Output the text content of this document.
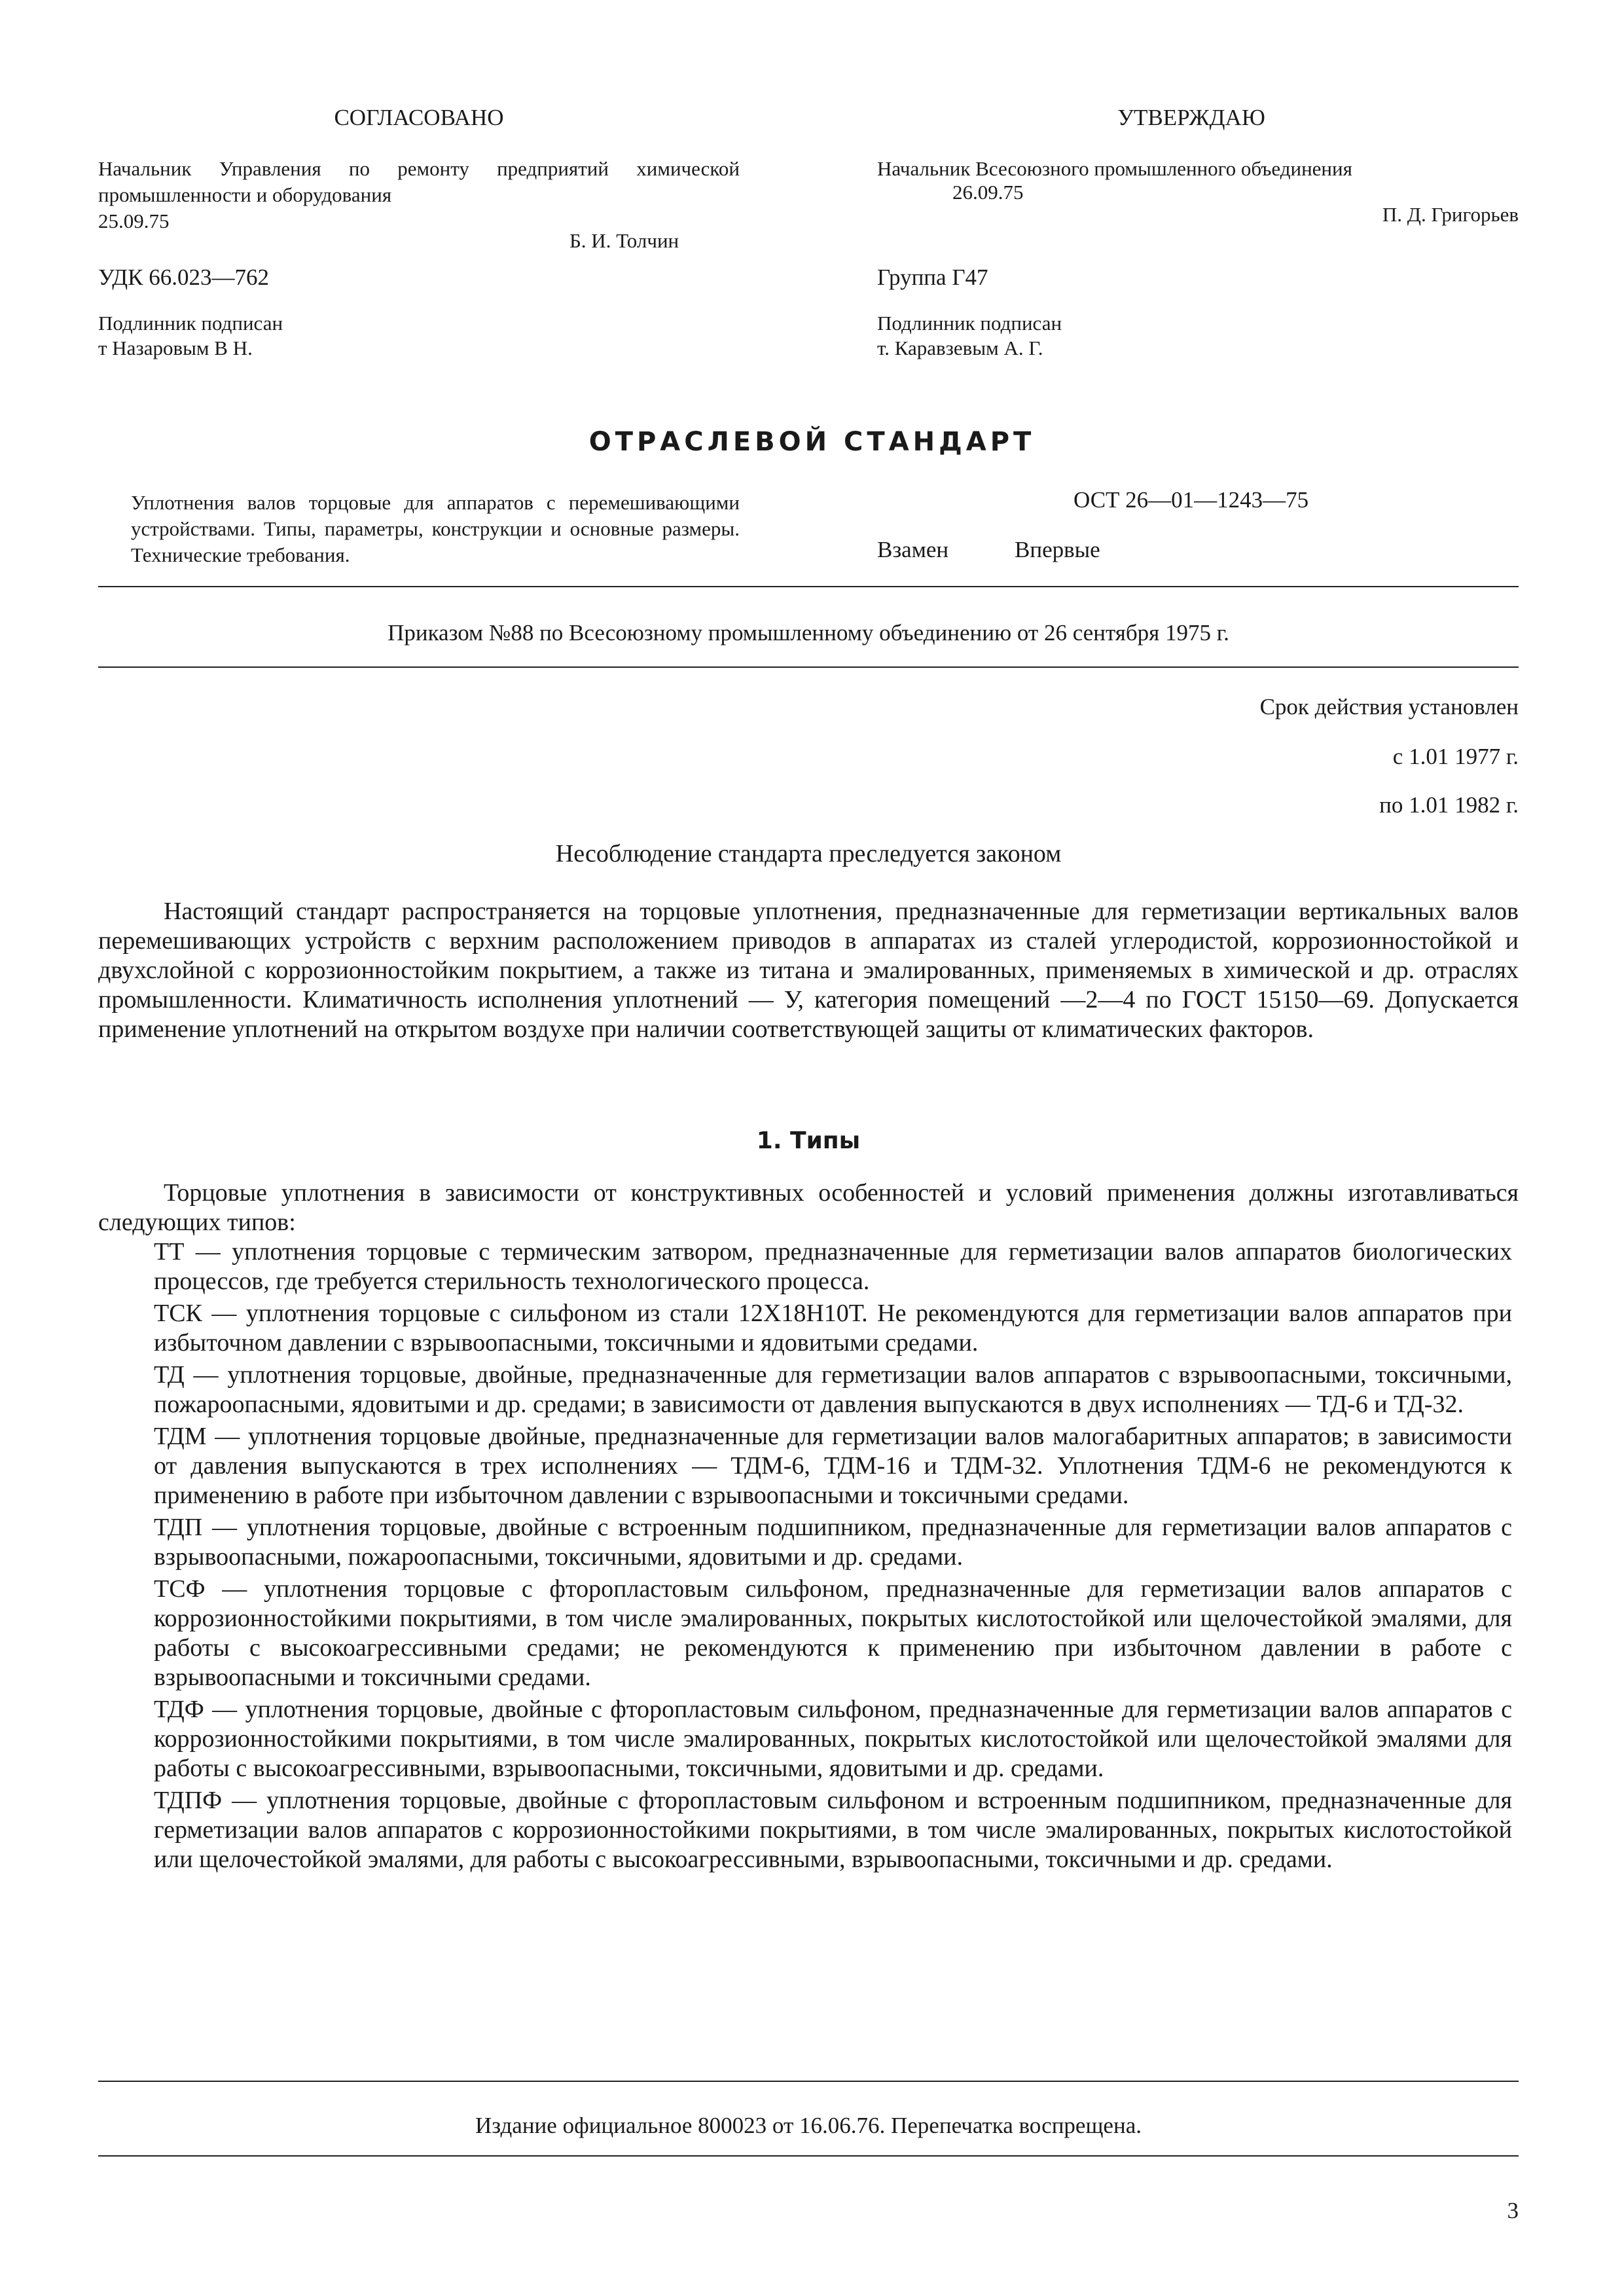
СОГЛАСОВАНО
Начальник Управления по ремонту предприятий химической промышленности и оборудования
25.09.75
Б. И. Толчин
УДК 66.023—762
Подлинник подписан
т Назаровым В Н.
УТВЕРЖДАЮ
Начальник Всесоюзного промышленного объединения
26.09.75
П. Д. Григорьев
Группа Г47
Подлинник подписан
т. Каравзевым А. Г.
ОТРАСЛЕВОЙ СТАНДАРТ
Уплотнения валов торцовые для аппаратов с перемешивающими устройствами. Типы, параметры, конструкции и основные размеры. Технические требования.
ОСТ 26—01—1243—75
Взамен	Впервые
Приказом №88 по Всесоюзному промышленному объединению от 26 сентября 1975 г.
Срок действия установлен
с 1.01 1977 г.
по 1.01 1982 г.
Несоблюдение стандарта преследуется законом
Настоящий стандарт распространяется на торцовые уплотнения, предназначенные для герметизации вертикальных валов перемешивающих устройств с верхним расположением приводов в аппаратах из сталей углеродистой, коррозионностойкой и двухслойной с коррозионностойким покрытием, а также из титана и эмалированных, применяемых в химической и др. отраслях промышленности. Климатичность исполнения уплотнений — У, категория помещений —2—4 по ГОСТ 15150—69. Допускается применение уплотнений на открытом воздухе при наличии соответствующей защиты от климатических факторов.
1. Типы
Торцовые уплотнения в зависимости от конструктивных особенностей и условий применения должны изготавливаться следующих типов:

ТТ — уплотнения торцовые с термическим затвором, предназначенные для герметизации валов аппаратов биологических процессов, где требуется стерильность технологического процесса.

ТСК — уплотнения торцовые с сильфоном из стали 12Х18Н10Т. Не рекомендуются для герметизации валов аппаратов при избыточном давлении с взрывоопасными, токсичными и ядовитыми средами.

ТД — уплотнения торцовые, двойные, предназначенные для герметизации валов аппаратов с взрывоопасными, токсичными, пожароопасными, ядовитыми и др. средами; в зависимости от давления выпускаются в двух исполнениях — ТД-6 и ТД-32.

ТДМ — уплотнения торцовые двойные, предназначенные для герметизации валов малогабаритных аппаратов; в зависимости от давления выпускаются в трех исполнениях — ТДМ-6, ТДМ-16 и ТДМ-32. Уплотнения ТДМ-6 не рекомендуются к применению в работе при избыточном давлении с взрывоопасными и токсичными средами.

ТДП — уплотнения торцовые, двойные с встроенным подшипником, предназначенные для герметизации валов аппаратов с взрывоопасными, пожароопасными, токсичными, ядовитыми и др. средами.

ТСФ — уплотнения торцовые с фторопластовым сильфоном, предназначенные для герметизации валов аппаратов с коррозионностойкими покрытиями, в том числе эмалированных, покрытых кислотостойкой или щелочестойкой эмалями, для работы с высокоагрессивными средами; не рекомендуются к применению при избыточном давлении в работе с взрывоопасными и токсичными средами.

ТДФ — уплотнения торцовые, двойные с фторопластовым сильфоном, предназначенные для герметизации валов аппаратов с коррозионностойкими покрытиями, в том числе эмалированных, покрытых кислотостойкой или щелочестойкой эмалями для работы с высокоагрессивными, взрывоопасными, токсичными, ядовитыми и др. средами.

ТДПФ — уплотнения торцовые, двойные с фторопластовым сильфоном и встроенным подшипником, предназначенные для герметизации валов аппаратов с коррозионностойкими покрытиями, в том числе эмалированных, покрытых кислотостойкой или щелочестойкой эмалями, для работы с высокоагрессивными, взрывоопасными, токсичными и др. средами.

Издание официальное 800023 от 16.06.76. Перепечатка воспрещена.
3
